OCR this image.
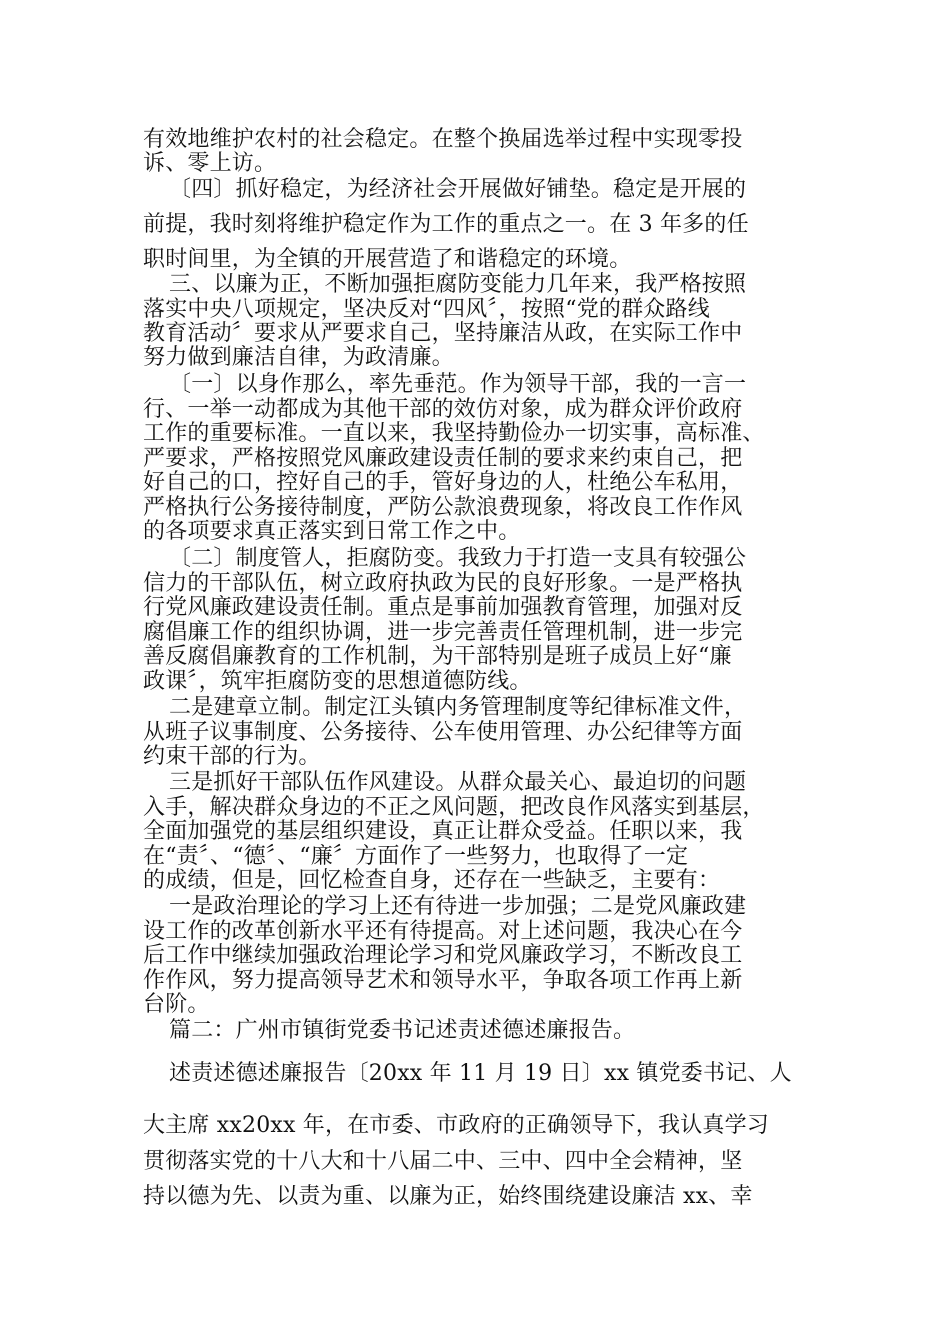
有效地维护农村的社会稳定。在整个换届选举过程中实现零投
诉、零上访。
〔四〕抓好稳定，为经济社会开展做好铺垫。稳定是开展的
前提，我时刻将维护稳定作为工作的重点之一。在 3 年多的任
职时间里，为全镇的开展营造了和谐稳定的环境。
三、以廉为正，不断加强拒腐防变能力几年来，我严格按照
落实中央八项规定，坚决反对“四风〞，按照“党的群众路线
教育活动〞要求从严要求自己，坚持廉洁从政，在实际工作中
努力做到廉洁自律，为政清廉。
〔一〕以身作那么，率先垂范。作为领导干部，我的一言一
行、一举一动都成为其他干部的效仿对象，成为群众评价政府
工作的重要标准。一直以来，我坚持勤俭办一切实事，高标准、
严要求，严格按照党风廉政建设责任制的要求来约束自己，把
好自己的口，控好自己的手，管好身边的人，杜绝公车私用，
严格执行公务接待制度，严防公款浪费现象，将改良工作作风
的各项要求真正落实到日常工作之中。
〔二〕制度管人，拒腐防变。我致力于打造一支具有较强公
信力的干部队伍，树立政府执政为民的良好形象。一是严格执
行党风廉政建设责任制。重点是事前加强教育管理，加强对反
腐倡廉工作的组织协调，进一步完善责任管理机制，进一步完
善反腐倡廉教育的工作机制，为干部特别是班子成员上好“廉
政课〞，筑牢拒腐防变的思想道德防线。
二是建章立制。制定江头镇内务管理制度等纪律标准文件，
从班子议事制度、公务接待、公车使用管理、办公纪律等方面
约束干部的行为。
三是抓好干部队伍作风建设。从群众最关心、最迫切的问题
入手，解决群众身边的不正之风问题，把改良作风落实到基层，
全面加强党的基层组织建设，真正让群众受益。任职以来，我
在“责〞、“德〞、“廉〞方面作了一些努力，也取得了一定
的成绩，但是，回忆检查自身，还存在一些缺乏，主要有：
一是政治理论的学习上还有待进一步加强；二是党风廉政建
设工作的改革创新水平还有待提高。对上述问题，我决心在今
后工作中继续加强政治理论学习和党风廉政学习，不断改良工
作作风，努力提高领导艺术和领导水平，争取各项工作再上新
台阶。
篇二：广州市镇街党委书记述责述德述廉报告。
述责述德述廉报告〔20xx 年 11 月 19 日〕xx 镇党委书记、人
大主席 xx20xx 年，在市委、市政府的正确领导下，我认真学习
贯彻落实党的十八大和十八届二中、三中、四中全会精神，坚
持以德为先、以责为重、以廉为正，始终围绕建设廉洁 xx、幸
